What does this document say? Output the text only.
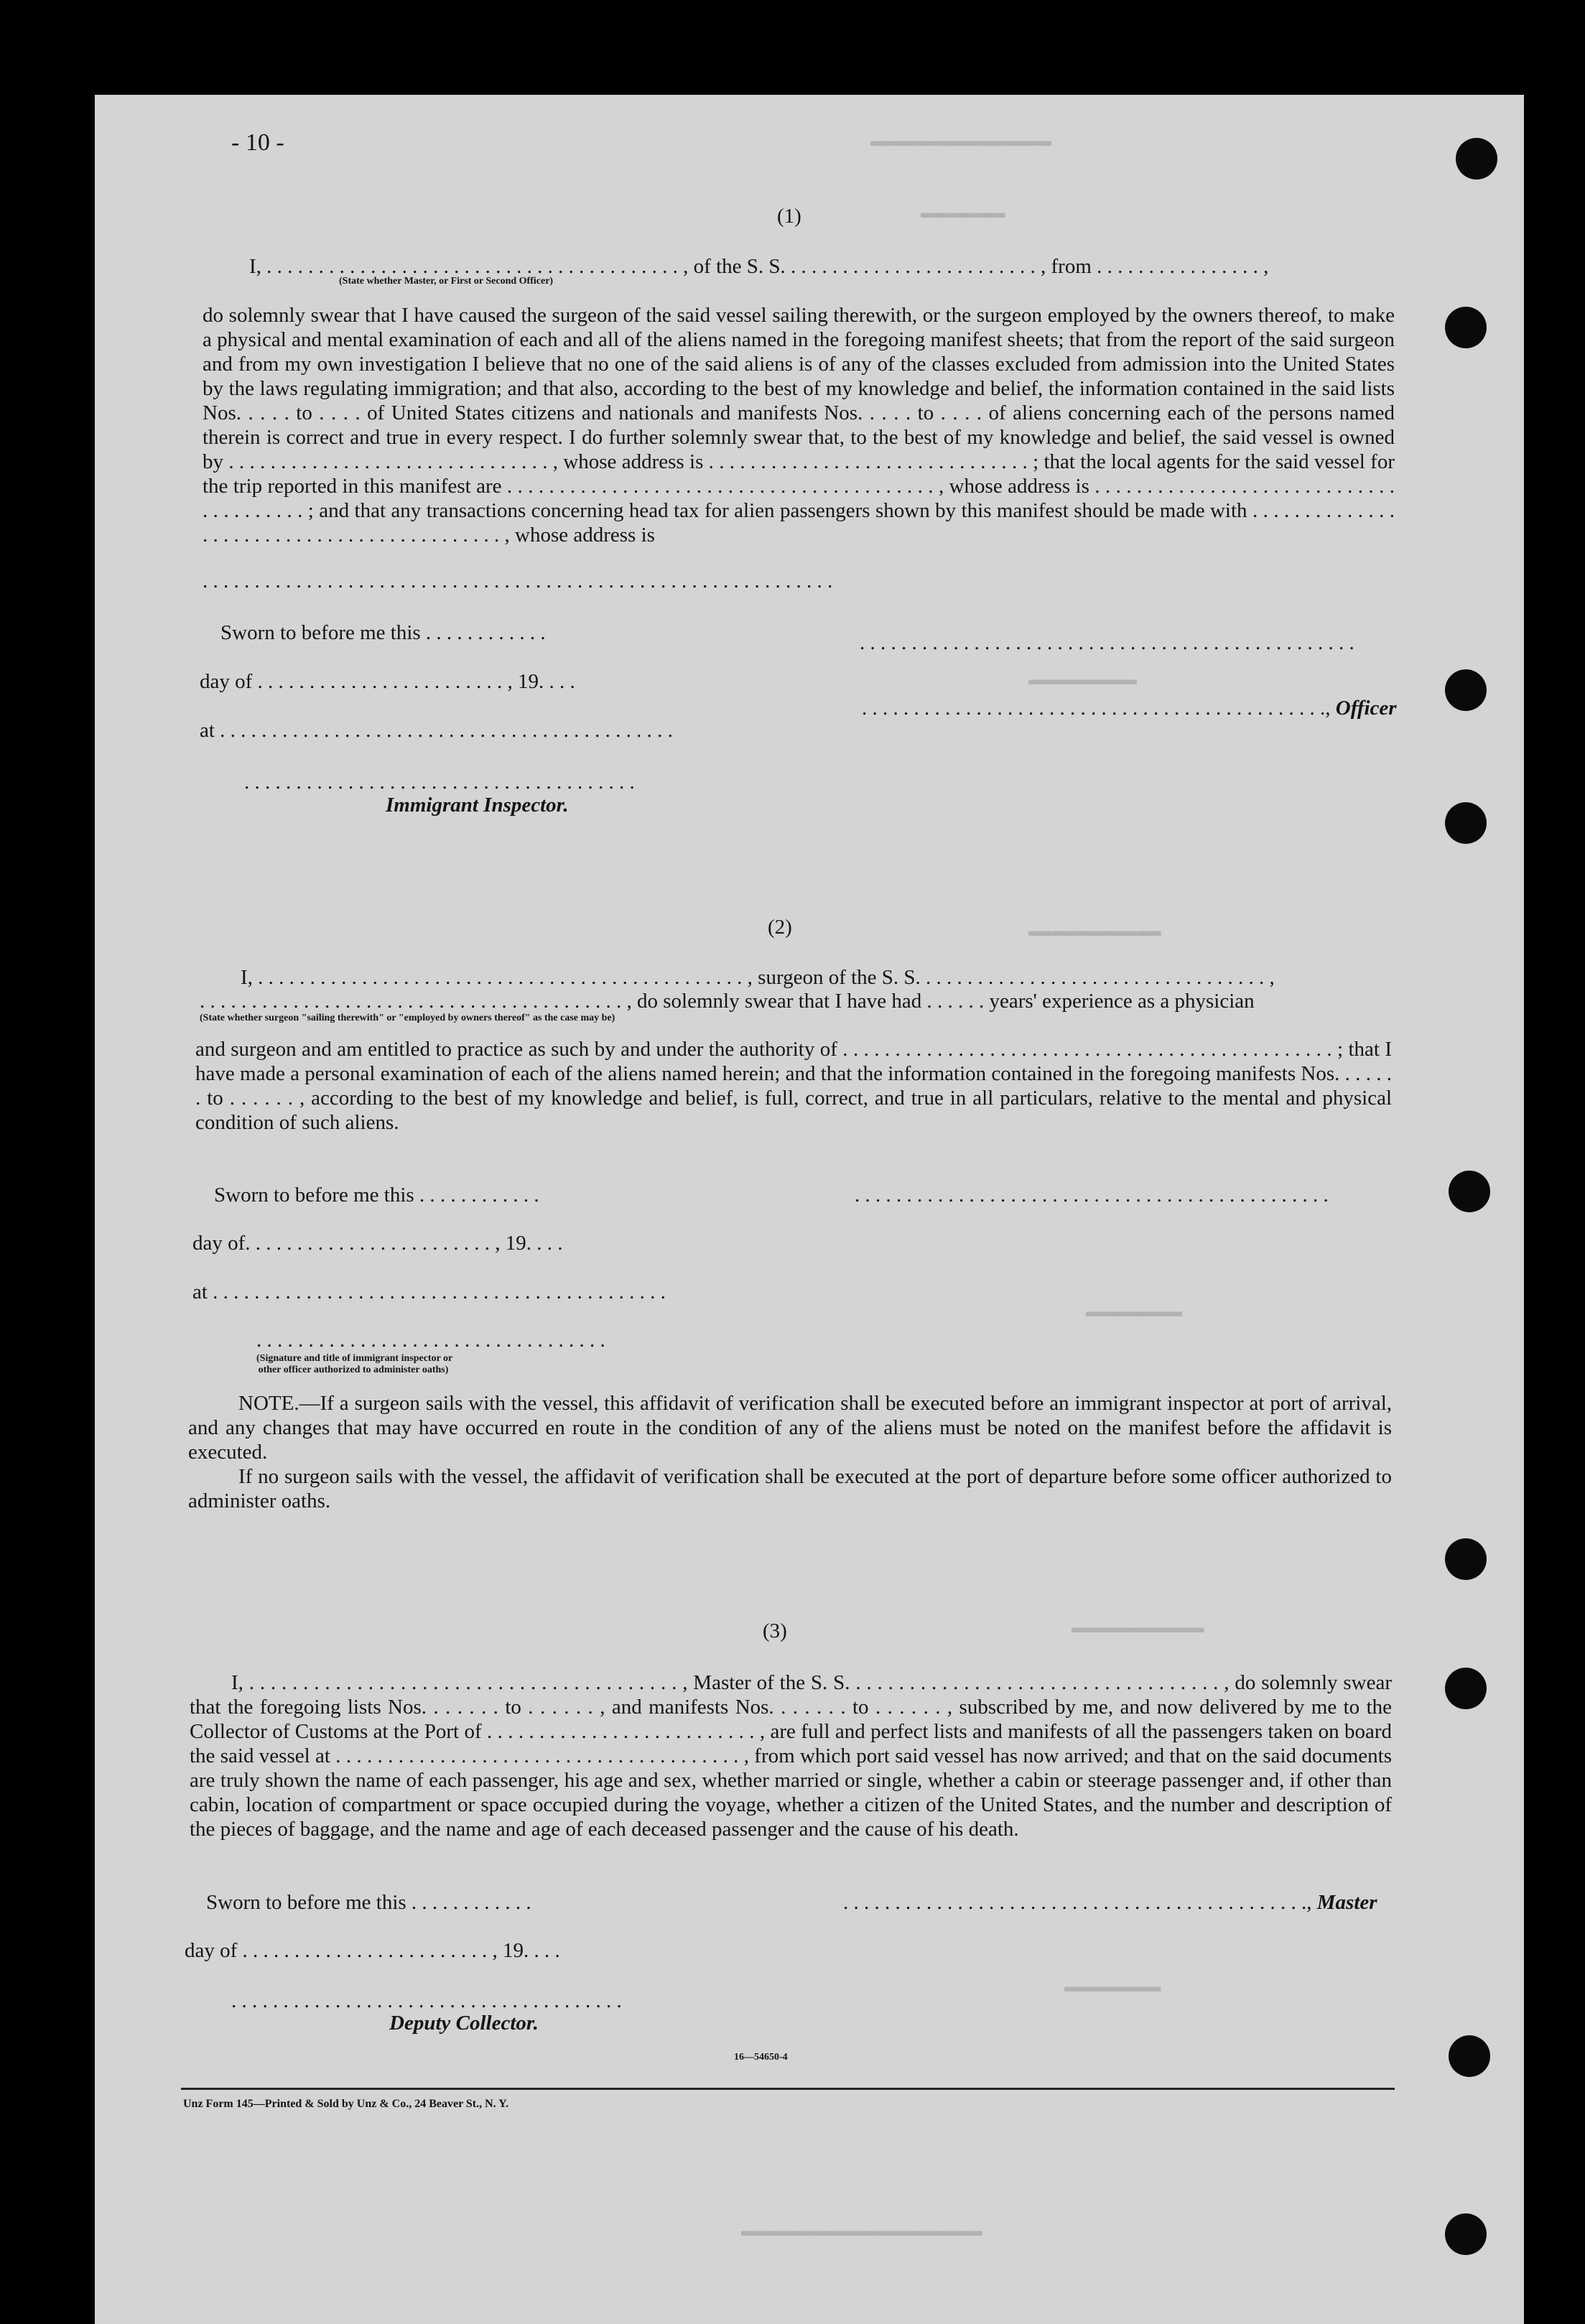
▬▬▬▬▬▬▬▬▬▬▬▬▬▬▬
▬▬▬▬▬▬▬
▬▬▬▬▬▬▬▬▬
▬▬▬▬▬▬▬▬▬▬▬
▬▬▬▬▬▬▬▬
▬▬▬▬▬▬▬▬▬▬▬
▬▬▬▬▬▬▬▬
▬▬▬▬▬▬▬▬▬▬▬▬▬▬▬▬▬▬▬▬
- 10 -
(1)
I, . . . . . . . . . . . . . . . . . . . . . . . . . . . . . . . . . . . . . . . . , of the S. S. . . . . . . . . . . . . . . . . . . . . . . . . , from . . . . . . . . . . . . . . . . ,
(State whether Master, or First or Second Officer)
do solemnly swear that I have caused the surgeon of the said vessel sailing therewith, or the surgeon employed by the owners thereof, to make a physical and mental examination of each and all of the aliens named in the foregoing manifest sheets; that from the report of the said surgeon and from my own investigation I believe that no one of the said aliens is of any of the classes excluded from admission into the United States by the laws regulating immigration; and that also, according to the best of my knowledge and belief, the information contained in the said lists Nos. . . . . to . . . . of United States citizens and nationals and manifests Nos. . . . . to . . . . of aliens concerning each of the persons named therein is correct and true in every respect. I do further solemnly swear that, to the best of my knowledge and belief, the said vessel is owned by . . . . . . . . . . . . . . . . . . . . . . . . . . . . . . . , whose address is . . . . . . . . . . . . . . . . . . . . . . . . . . . . . . . ; that the local agents for the said vessel for the trip reported in this manifest are . . . . . . . . . . . . . . . . . . . . . . . . . . . . . . . . . . . . . . . . . , whose address is . . . . . . . . . . . . . . . . . . . . . . . . . . . . . . . . . . . . . . . ; and that any transactions concerning head tax for alien passengers shown by this manifest should be made with . . . . . . . . . . . . . . . . . . . . . . . . . . . . . . . . . . . . . . . . . . . , whose address is
. . . . . . . . . . . . . . . . . . . . . . . . . . . . . . . . . . . . . . . . . . . . . . . . . . . . . . . . . . . . .
Sworn to before me this . . . . . . . . . . . .	. . . . . . . . . . . . . . . . . . . . . . . . . . . . . . . . . . . . . . . . . . . . . . . .
day of . . . . . . . . . . . . . . . . . . . . . . . . , 19. . . .
. . . . . . . . . . . . . . . . . . . . . . . . . . . . . . . . . . . . . . . . . . . . ., Officer
at . . . . . . . . . . . . . . . . . . . . . . . . . . . . . . . . . . . . . . . . . . . .
. . . . . . . . . . . . . . . . . . . . . . . . . . . . . . . . . . . . . .
Immigrant Inspector.
(2)
I, . . . . . . . . . . . . . . . . . . . . . . . . . . . . . . . . . . . . . . . . . . . . . . . , surgeon of the S. S. . . . . . . . . . . . . . . . . . . . . . . . . . . . . . . . . . ,
. . . . . . . . . . . . . . . . . . . . . . . . . . . . . . . . . . . . . . . . . , do solemnly swear that I have had . . . . . . years' experience as a physician
(State whether surgeon "sailing therewith" or "employed by owners thereof" as the case may be)
and surgeon and am entitled to practice as such by and under the authority of . . . . . . . . . . . . . . . . . . . . . . . . . . . . . . . . . . . . . . . . . . . . . . . ; that I have made a personal examination of each of the aliens named herein; and that the information contained in the foregoing manifests Nos. . . . . . . to . . . . . . , according to the best of my knowledge and belief, is full, correct, and true in all particulars, relative to the mental and physical condition of such aliens.
Sworn to before me this . . . . . . . . . . . .	. . . . . . . . . . . . . . . . . . . . . . . . . . . . . . . . . . . . . . . . . . . . . .
day of. . . . . . . . . . . . . . . . . . . . . . . . , 19. . . .
at . . . . . . . . . . . . . . . . . . . . . . . . . . . . . . . . . . . . . . . . . . . .
. . . . . . . . . . . . . . . . . . . . . . . . . . . . . . . . . .
(Signature and title of immigrant inspector or
other officer authorized to administer oaths)
NOTE.—If a surgeon sails with the vessel, this affidavit of verification shall be executed before an immigrant inspector at port of arrival, and any changes that may have occurred en route in the condition of any of the aliens must be noted on the manifest before the affidavit is executed.
If no surgeon sails with the vessel, the affidavit of verification shall be executed at the port of departure before some officer authorized to administer oaths.
(3)
I, . . . . . . . . . . . . . . . . . . . . . . . . . . . . . . . . . . . . . . . . , Master of the S. S. . . . . . . . . . . . . . . . . . . . . . . . . . . . . . . . . . . , do solemnly swear that the foregoing lists Nos. . . . . . . to . . . . . . , and manifests Nos. . . . . . . to . . . . . . , subscribed by me, and now delivered by me to the Collector of Customs at the Port of . . . . . . . . . . . . . . . . . . . . . . . . . . , are full and perfect lists and manifests of all the passengers taken on board the said vessel at . . . . . . . . . . . . . . . . . . . . . . . . . . . . . . . . . . . . . . . , from which port said vessel has now arrived; and that on the said documents are truly shown the name of each passenger, his age and sex, whether married or single, whether a cabin or steerage passenger and, if other than cabin, location of compartment or space occupied during the voyage, whether a citizen of the United States, and the number and description of the pieces of baggage, and the name and age of each deceased passenger and the cause of his death.
Sworn to before me this . . . . . . . . . . . .	. . . . . . . . . . . . . . . . . . . . . . . . . . . . . . . . . . . . . . . . . . . . ., Master
day of . . . . . . . . . . . . . . . . . . . . . . . . , 19. . . .
. . . . . . . . . . . . . . . . . . . . . . . . . . . . . . . . . . . . . .
Deputy Collector.
16—54650-4
Unz Form 145—Printed & Sold by Unz & Co., 24 Beaver St., N. Y.
